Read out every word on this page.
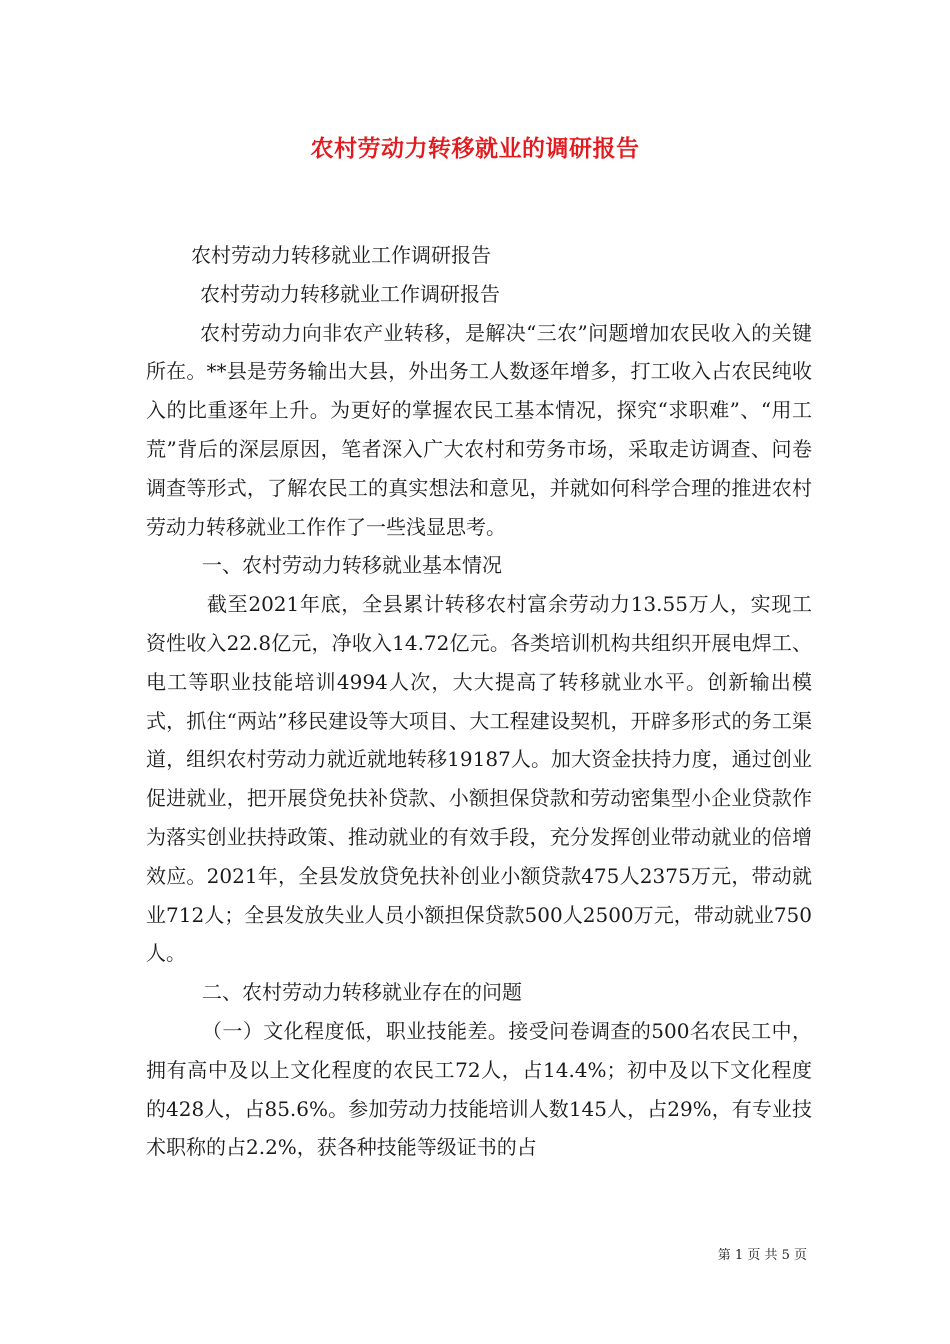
农村劳动力转移就业的调研报告

农村劳动力转移就业工作调研报告

农村劳动力转移就业工作调研报告

农村劳动力向非农产业转移，是解决“三农”问题增加农民收入的关键所在。**县是劳务输出大县，外出务工人数逐年增多，打工收入占农民纯收入的比重逐年上升。为更好的掌握农民工基本情况，探究“求职难”、“用工荒”背后的深层原因，笔者深入广大农村和劳务市场，采取走访调查、问卷调查等形式，了解农民工的真实想法和意见，并就如何科学合理的推进农村劳动力转移就业工作作了一些浅显思考。

一、农村劳动力转移就业基本情况

截至2021年底，全县累计转移农村富余劳动力13.55万人，实现工资性收入22.8亿元，净收入14.72亿元。各类培训机构共组织开展电焊工、电工等职业技能培训4994人次，大大提高了转移就业水平。创新输出模式，抓住“两站”移民建设等大项目、大工程建设契机，开辟多形式的务工渠道，组织农村劳动力就近就地转移19187人。加大资金扶持力度，通过创业促进就业，把开展贷免扶补贷款、小额担保贷款和劳动密集型小企业贷款作为落实创业扶持政策、推动就业的有效手段，充分发挥创业带动就业的倍增效应。2021年，全县发放贷免扶补创业小额贷款475人2375万元，带动就业712人；全县发放失业人员小额担保贷款500人2500万元，带动就业750人。

二、农村劳动力转移就业存在的问题

（一）文化程度低，职业技能差。接受问卷调查的500名农民工中，拥有高中及以上文化程度的农民工72人，占14.4%；初中及以下文化程度的428人，占85.6%。参加劳动力技能培训人数145人，占29%，有专业技术职称的占2.2%，获各种技能等级证书的占

第 1 页 共 5 页
